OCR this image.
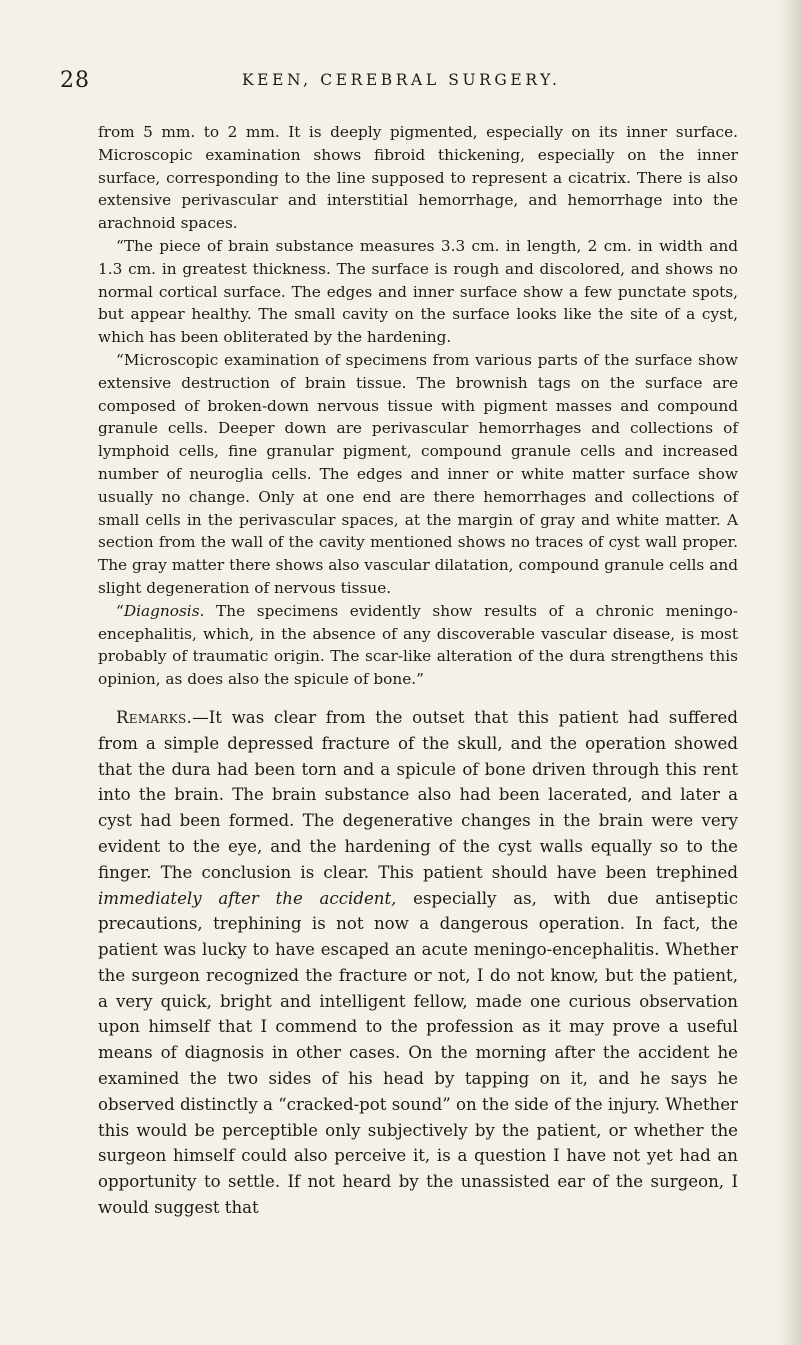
28	KEEN, CEREBRAL SURGERY.

from 5 mm. to 2 mm. It is deeply pigmented, especially on its inner surface. Microscopic examination shows fibroid thickening, especially on the inner surface, corresponding to the line supposed to represent a cicatrix. There is also extensive perivascular and interstitial hemorrhage, and hemorrhage into the arachnoid spaces.

“The piece of brain substance measures 3.3 cm. in length, 2 cm. in width and 1.3 cm. in greatest thickness. The surface is rough and discolored, and shows no normal cortical surface. The edges and inner surface show a few punctate spots, but appear healthy. The small cavity on the surface looks like the site of a cyst, which has been obliterated by the hardening.

“Microscopic examination of specimens from various parts of the surface show extensive destruction of brain tissue. The brownish tags on the surface are composed of broken-down nervous tissue with pigment masses and compound granule cells. Deeper down are perivascular hemorrhages and collections of lymphoid cells, fine granular pigment, compound granule cells and increased number of neuroglia cells. The edges and inner or white matter surface show usually no change. Only at one end are there hemorrhages and collections of small cells in the perivascular spaces, at the margin of gray and white matter. A section from the wall of the cavity mentioned shows no traces of cyst wall proper. The gray matter there shows also vascular dilatation, compound granule cells and slight degeneration of nervous tissue.

“Diagnosis. The specimens evidently show results of a chronic meningo-encephalitis, which, in the absence of any discoverable vascular disease, is most probably of traumatic origin. The scar-like alteration of the dura strengthens this opinion, as does also the spicule of bone.”

Remarks.—It was clear from the outset that this patient had suffered from a simple depressed fracture of the skull, and the operation showed that the dura had been torn and a spicule of bone driven through this rent into the brain. The brain substance also had been lacerated, and later a cyst had been formed. The degenerative changes in the brain were very evident to the eye, and the hardening of the cyst walls equally so to the finger. The conclusion is clear. This patient should have been trephined immediately after the accident, especially as, with due antiseptic precautions, trephining is not now a dangerous operation. In fact, the patient was lucky to have escaped an acute meningo-encephalitis. Whether the surgeon recognized the fracture or not, I do not know, but the patient, a very quick, bright and intelligent fellow, made one curious observation upon himself that I commend to the profession as it may prove a useful means of diagnosis in other cases. On the morning after the accident he examined the two sides of his head by tapping on it, and he says he observed distinctly a “cracked-pot sound” on the side of the injury. Whether this would be perceptible only subjectively by the patient, or whether the surgeon himself could also perceive it, is a question I have not yet had an opportunity to settle. If not heard by the unassisted ear of the surgeon, I would suggest that
